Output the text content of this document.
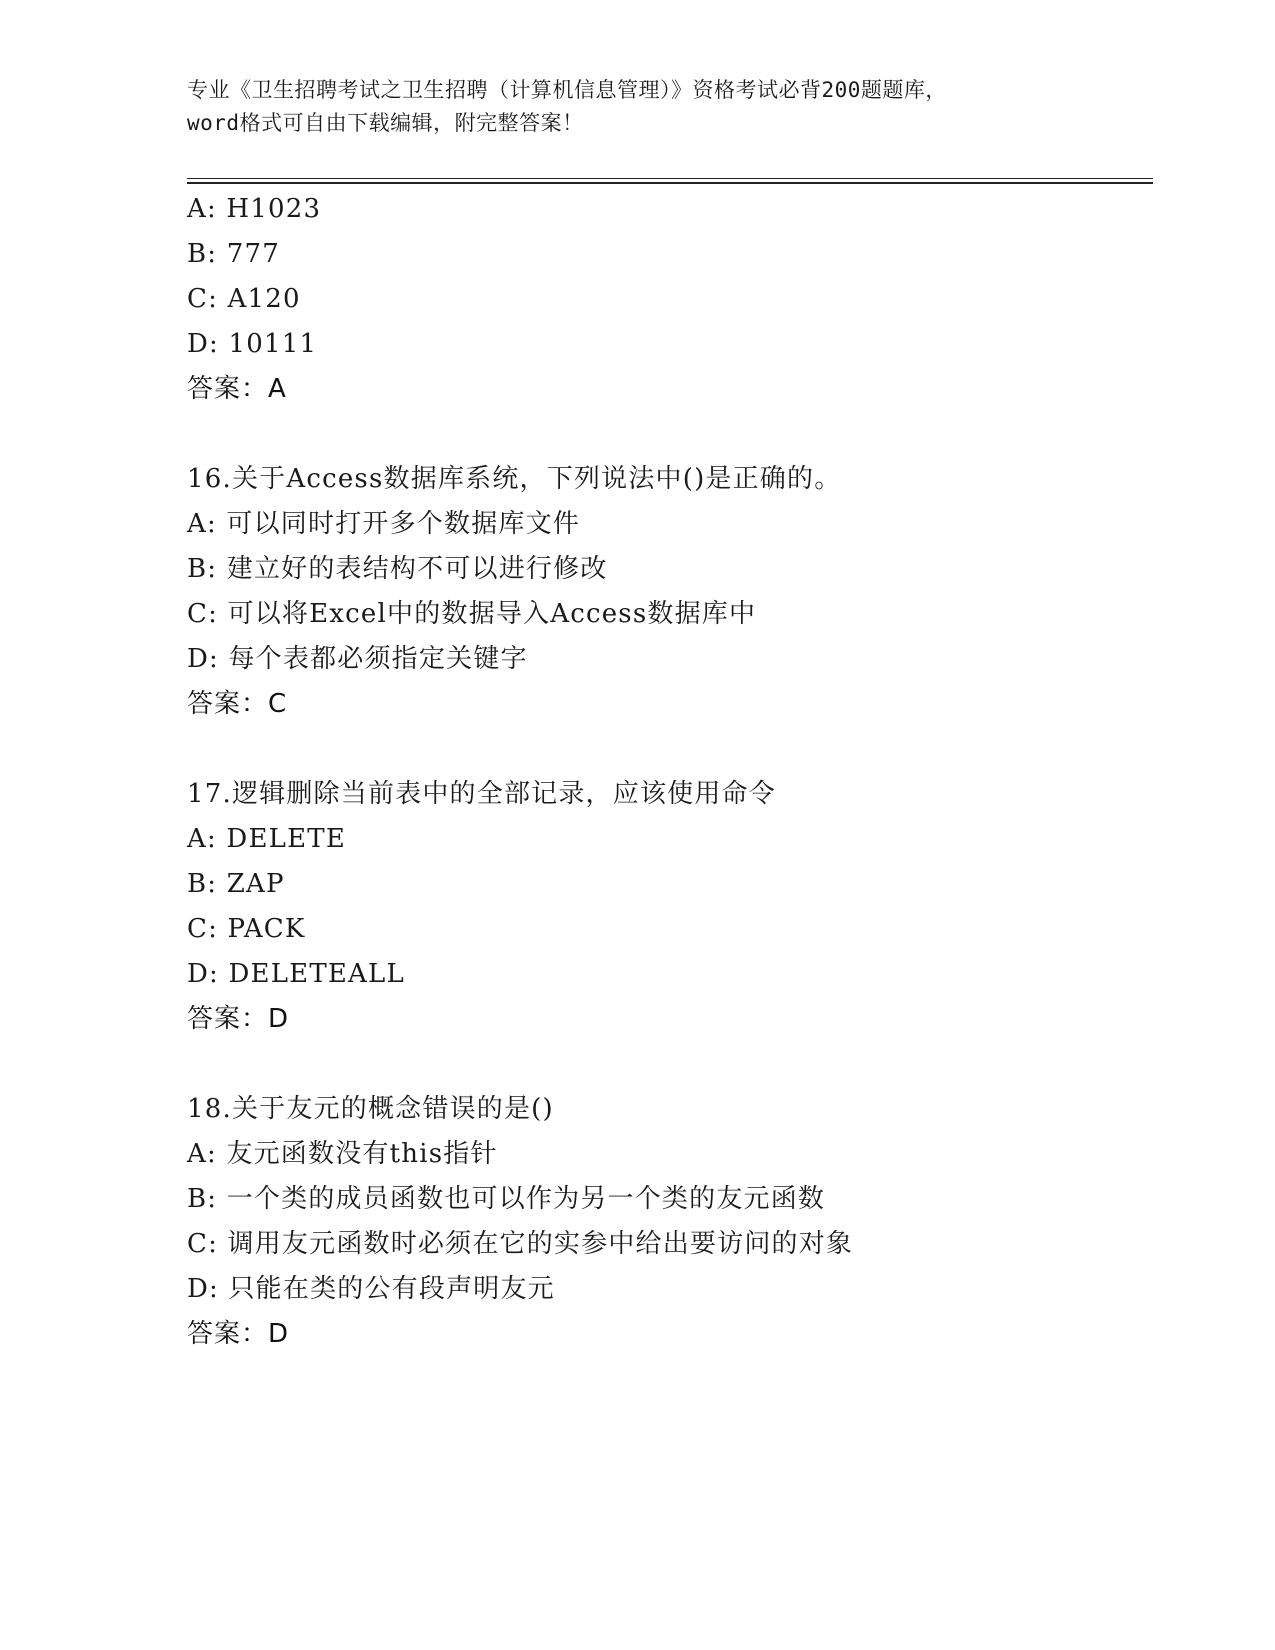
专业《卫生招聘考试之卫生招聘（计算机信息管理）》资格考试必背200题题库，

word格式可自由下载编辑，附完整答案！

A: H1023
B: 777
C: A120
D: 10111
答案：A
16.关于Access数据库系统，下列说法中()是正确的。
A: 可以同时打开多个数据库文件
B: 建立好的表结构不可以进行修改
C: 可以将Excel中的数据导入Access数据库中
D: 每个表都必须指定关键字
答案：C
17.逻辑删除当前表中的全部记录，应该使用命令
A: DELETE
B: ZAP
C: PACK
D: DELETEALL
答案：D
18.关于友元的概念错误的是()
A: 友元函数没有this指针
B: 一个类的成员函数也可以作为另一个类的友元函数
C: 调用友元函数时必须在它的实参中给出要访问的对象
D: 只能在类的公有段声明友元
答案：D
